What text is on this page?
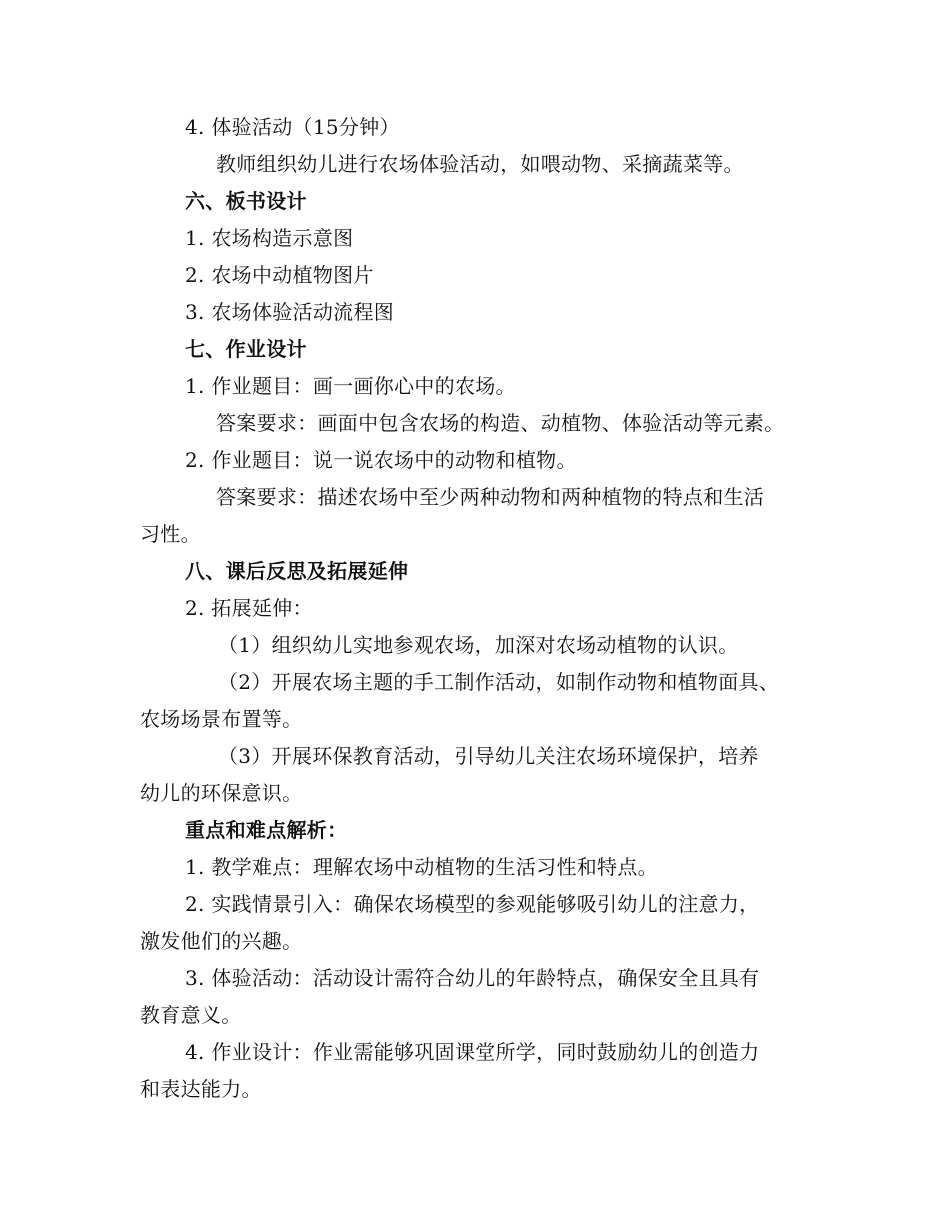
4. 体验活动（15分钟）
教师组织幼儿进行农场体验活动，如喂动物、采摘蔬菜等。
六、板书设计
1. 农场构造示意图
2. 农场中动植物图片
3. 农场体验活动流程图
七、作业设计
1. 作业题目：画一画你心中的农场。
答案要求：画面中包含农场的构造、动植物、体验活动等元素。
2. 作业题目：说一说农场中的动物和植物。
答案要求：描述农场中至少两种动物和两种植物的特点和生活
习性。
八、课后反思及拓展延伸
2. 拓展延伸：
（1）组织幼儿实地参观农场，加深对农场动植物的认识。
（2）开展农场主题的手工制作活动，如制作动物和植物面具、
农场场景布置等。
（3）开展环保教育活动，引导幼儿关注农场环境保护，培养
幼儿的环保意识。
重点和难点解析：
1. 教学难点：理解农场中动植物的生活习性和特点。
2. 实践情景引入：确保农场模型的参观能够吸引幼儿的注意力，
激发他们的兴趣。
3. 体验活动：活动设计需符合幼儿的年龄特点，确保安全且具有
教育意义。
4. 作业设计：作业需能够巩固课堂所学，同时鼓励幼儿的创造力
和表达能力。
